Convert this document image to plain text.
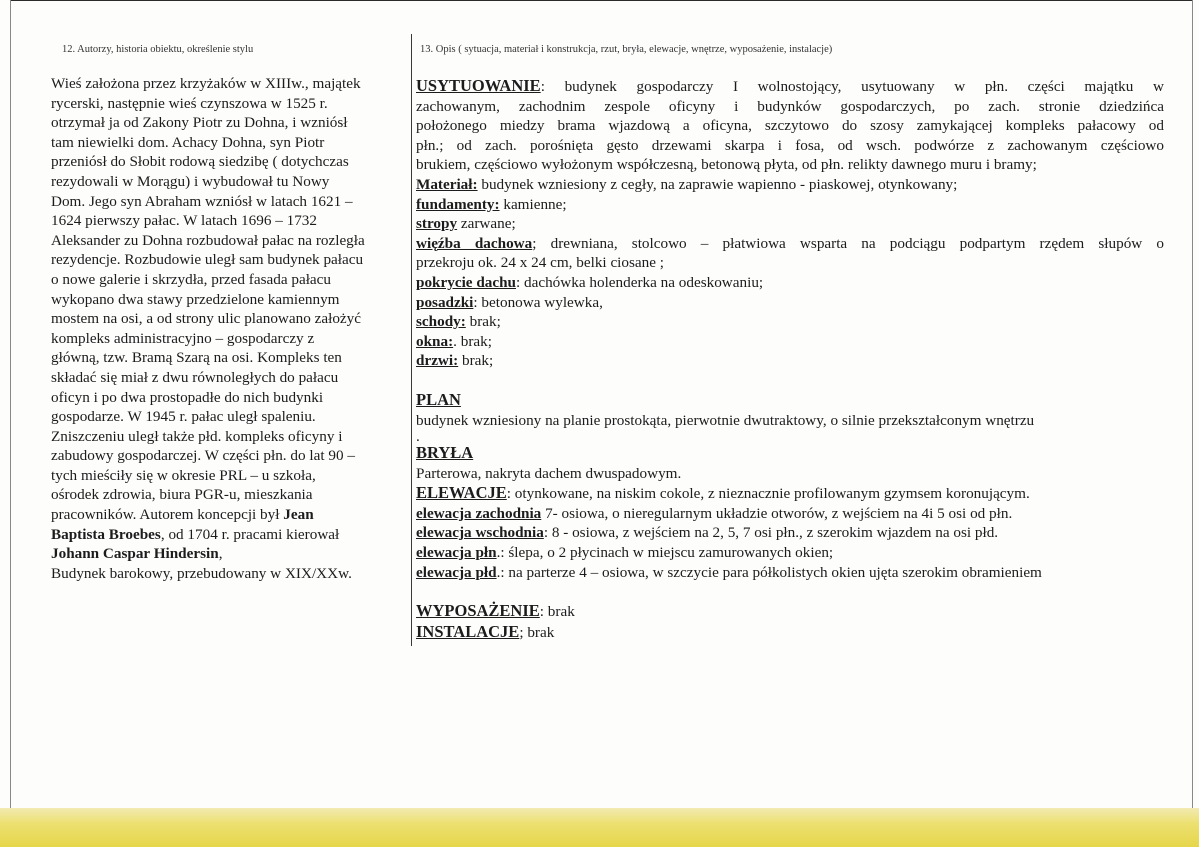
12. Autorzy, historia obiektu, określenie stylu	13. Opis ( sytuacja, materiał i konstrukcja, rzut, bryła, elewacje, wnętrze, wyposażenie, instalacje)

Wieś założona przez krzyżaków w XIIIw., majątek

rycerski, następnie wieś czynszowa w 1525 r.

otrzymał ja od Zakony Piotr zu Dohna, i wzniósł

tam niewielki dom. Achacy Dohna, syn Piotr

przeniósł do Słobit rodową siedzibę ( dotychczas

rezydowali w Morągu) i wybudował tu Nowy

Dom. Jego syn Abraham wzniósł w latach 1621 –

1624 pierwszy pałac. W latach 1696 – 1732

Aleksander zu Dohna rozbudował pałac na rozległa

rezydencje. Rozbudowie uległ sam budynek pałacu

o nowe galerie i skrzydła, przed fasada pałacu

wykopano dwa stawy przedzielone kamiennym

mostem na osi, a od strony ulic planowano założyć

kompleks administracyjno – gospodarczy z

główną, tzw. Bramą Szarą na osi. Kompleks ten

składać się miał z dwu równoległych do pałacu

oficyn i po dwa prostopadłe do nich budynki

gospodarze. W 1945 r. pałac uległ spaleniu.

Zniszczeniu uległ także płd. kompleks oficyny i

zabudowy gospodarczej. W części płn. do lat 90 –

tych mieściły się w okresie PRL – u szkoła,

ośrodek zdrowia, biura PGR-u, mieszkania

pracowników. Autorem koncepcji był Jean

Baptista Broebes, od 1704 r. pracami kierował

Johann Caspar Hindersin,

Budynek barokowy, przebudowany w XIX/XXw.

USYTUOWANIE: budynek gospodarczy I wolnostojący, usytuowany w płn. części majątku w

zachowanym, zachodnim zespole oficyny i budynków gospodarczych, po zach. stronie dziedzińca

położonego miedzy brama wjazdową a oficyna, szczytowo do szosy zamykającej kompleks pałacowy od

płn.; od zach. porośnięta gęsto drzewami skarpa i fosa, od wsch. podwórze z zachowanym częściowo

brukiem, częściowo wyłożonym współczesną, betonową płyta, od płn. relikty dawnego muru i bramy;

Materiał: budynek wzniesiony z cegły, na zaprawie wapienno - piaskowej, otynkowany;

fundamenty: kamienne;

stropy zarwane;

więźba dachowa; drewniana, stolcowo – płatwiowa wsparta na podciągu podpartym rzędem słupów o

przekroju ok. 24 x 24 cm, belki ciosane ;

pokrycie dachu: dachówka holenderka na odeskowaniu;

posadzki: betonowa wylewka,

schody: brak;

okna:. brak;

drzwi: brak;

PLAN

budynek wzniesiony na planie prostokąta, pierwotnie dwutraktowy, o silnie przekształconym wnętrzu

.

BRYŁA

Parterowa, nakryta dachem dwuspadowym.

ELEWACJE: otynkowane, na niskim cokole, z nieznacznie profilowanym gzymsem koronującym.

elewacja zachodnia 7- osiowa, o nieregularnym układzie otworów, z wejściem na 4i 5 osi od płn.

elewacja wschodnia: 8 - osiowa, z wejściem na 2, 5, 7 osi płn., z szerokim wjazdem na osi płd.

elewacja płn.: ślepa, o 2 płycinach w miejscu zamurowanych okien;

elewacja płd.: na parterze 4 – osiowa, w szczycie para półkolistych okien ujęta szerokim obramieniem

WYPOSAŻENIE: brak

INSTALACJE; brak
